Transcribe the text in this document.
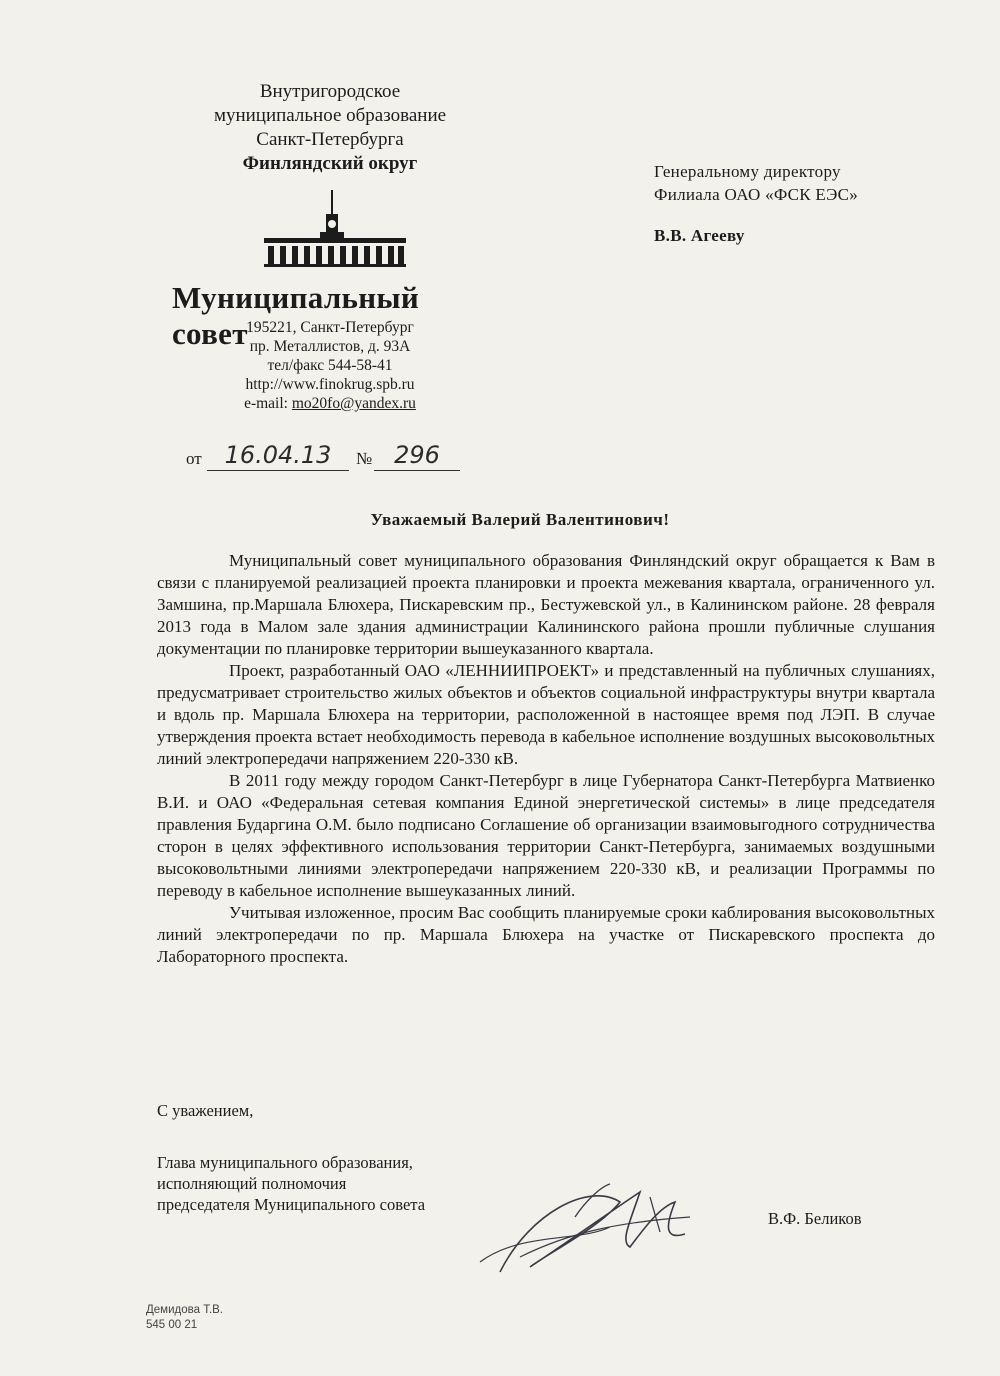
Внутригородское
муниципальное образование
Санкт-Петербурга
Финляндский округ
Муниципальный совет
195221, Санкт-Петербург
пр. Металлистов, д. 93А
тел/факс 544-58-41
http://www.finokrug.spb.ru
e-mail: mo20fo@yandex.ru
от 16.04.13	№ 296
Генеральному директору
Филиала ОАО «ФСК ЕЭС»
В.В. Агееву
Уважаемый Валерий Валентинович!

Муниципальный совет муниципального образования Финляндский округ обращается к Вам в связи с планируемой реализацией проекта планировки и проекта межевания квартала, ограниченного ул. Замшина, пр.Маршала Блюхера, Пискаревским пр., Бестужевской ул., в Калининском районе. 28 февраля 2013 года в Малом зале здания администрации Калининского района прошли публичные слушания документации по планировке территории вышеуказанного квартала.

Проект, разработанный ОАО «ЛЕННИИПРОЕКТ» и представленный на публичных слушаниях, предусматривает строительство жилых объектов и объектов социальной инфраструктуры внутри квартала и вдоль пр. Маршала Блюхера на территории, расположенной в настоящее время под ЛЭП. В случае утверждения проекта встает необходимость перевода в кабельное исполнение воздушных высоковольтных линий электропередачи напряжением 220-330 кВ.

В 2011 году между городом Санкт-Петербург в лице Губернатора Санкт-Петербурга Матвиенко В.И. и ОАО «Федеральная сетевая компания Единой энергетической системы» в лице председателя правления Бударгина О.М. было подписано Соглашение об организации взаимовыгодного сотрудничества сторон в целях эффективного использования территории Санкт-Петербурга, занимаемых воздушными высоковольтными линиями электропередачи напряжением 220-330 кВ, и реализации Программы по переводу в кабельное исполнение вышеуказанных линий.

Учитывая изложенное, просим Вас сообщить планируемые сроки каблирования высоковольтных линий электропередачи по пр. Маршала Блюхера на участке от Пискаревского проспекта до Лабораторного проспекта.

С уважением,
Глава муниципального образования,
исполняющий полномочия
председателя Муниципального совета
В.Ф. Беликов
Демидова Т.В.
545 00 21
